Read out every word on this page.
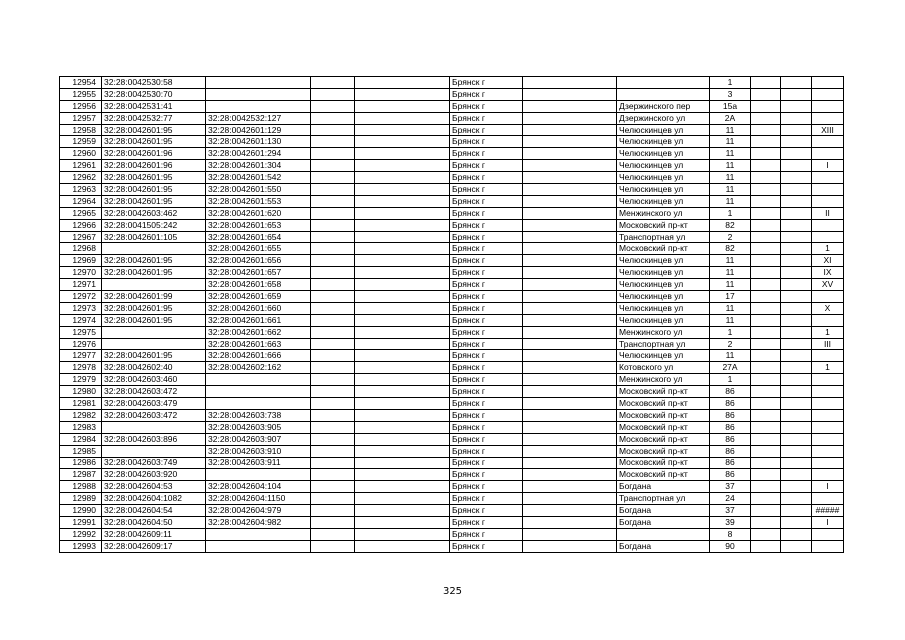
12954	32:28:0042530:58				Брянск г			1			
12955	32:28:0042530:70				Брянск г			3			
12956	32:28:0042531:41				Брянск г		Дзержинского пер	15а			
12957	32:28:0042532:77	32:28:0042532:127			Брянск г		Дзержинского ул	2А			
12958	32:28:0042601:95	32:28:0042601:129			Брянск г		Челюскинцев ул	11			XIII
12959	32:28:0042601:95	32:28:0042601:130			Брянск г		Челюскинцев ул	11			
12960	32:28:0042601:96	32:28:0042601:294			Брянск г		Челюскинцев ул	11			
12961	32:28:0042601:96	32:28:0042601:304			Брянск г		Челюскинцев ул	11			I
12962	32:28:0042601:95	32:28:0042601:542			Брянск г		Челюскинцев ул	11			
12963	32:28:0042601:95	32:28:0042601:550			Брянск г		Челюскинцев ул	11			
12964	32:28:0042601:95	32:28:0042601:553			Брянск г		Челюскинцев ул	11			
12965	32:28:0042603:462	32:28:0042601:620			Брянск г		Менжинского ул	1			II
12966	32:28:0041505:242	32:28:0042601:653			Брянск г		Московский пр-кт	82			
12967	32:28:0042601:105	32:28:0042601:654			Брянск г		Транспортная ул	2			
12968		32:28:0042601:655			Брянск г		Московский пр-кт	82			1
12969	32:28:0042601:95	32:28:0042601:656			Брянск г		Челюскинцев ул	11			XI
12970	32:28:0042601:95	32:28:0042601:657			Брянск г		Челюскинцев ул	11			IX
12971		32:28:0042601:658			Брянск г		Челюскинцев ул	11			XV
12972	32:28:0042601:99	32:28:0042601:659			Брянск г		Челюскинцев ул	17			
12973	32:28:0042601:95	32:28:0042601:660			Брянск г		Челюскинцев ул	11			X
12974	32:28:0042601:95	32:28:0042601:661			Брянск г		Челюскинцев ул	11			
12975		32:28:0042601:662			Брянск г		Менжинского ул	1			1
12976		32:28:0042601:663			Брянск г		Транспортная ул	2			III
12977	32:28:0042601:95	32:28:0042601:666			Брянск г		Челюскинцев ул	11			
12978	32:28:0042602:40	32:28:0042602:162			Брянск г		Котовского ул	27А			1
12979	32:28:0042603:460				Брянск г		Менжинского ул	1			
12980	32:28:0042603:472				Брянск г		Московский пр-кт	86			
12981	32:28:0042603:479				Брянск г		Московский пр-кт	86			
12982	32:28:0042603:472	32:28:0042603:738			Брянск г		Московский пр-кт	86			
12983		32:28:0042603:905			Брянск г		Московский пр-кт	86			
12984	32:28:0042603:896	32:28:0042603:907			Брянск г		Московский пр-кт	86			
12985		32:28:0042603:910			Брянск г		Московский пр-кт	86			
12986	32:28:0042603:749	32:28:0042603:911			Брянск г		Московский пр-кт	86			
12987	32:28:0042603:920				Брянск г		Московский пр-кт	86			
12988	32:28:0042604:53	32:28:0042604:104			Брянск г		Богдана	37			I
12989	32:28:0042604:1082	32:28:0042604:1150			Брянск г		Транспортная ул	24			
12990	32:28:0042604:54	32:28:0042604:979			Брянск г		Богдана	37			#####
12991	32:28:0042604:50	32:28:0042604:982			Брянск г		Богдана	39			I
12992	32:28:0042609:11				Брянск г			8			
12993	32:28:0042609:17				Брянск г		Богдана	90			
325
